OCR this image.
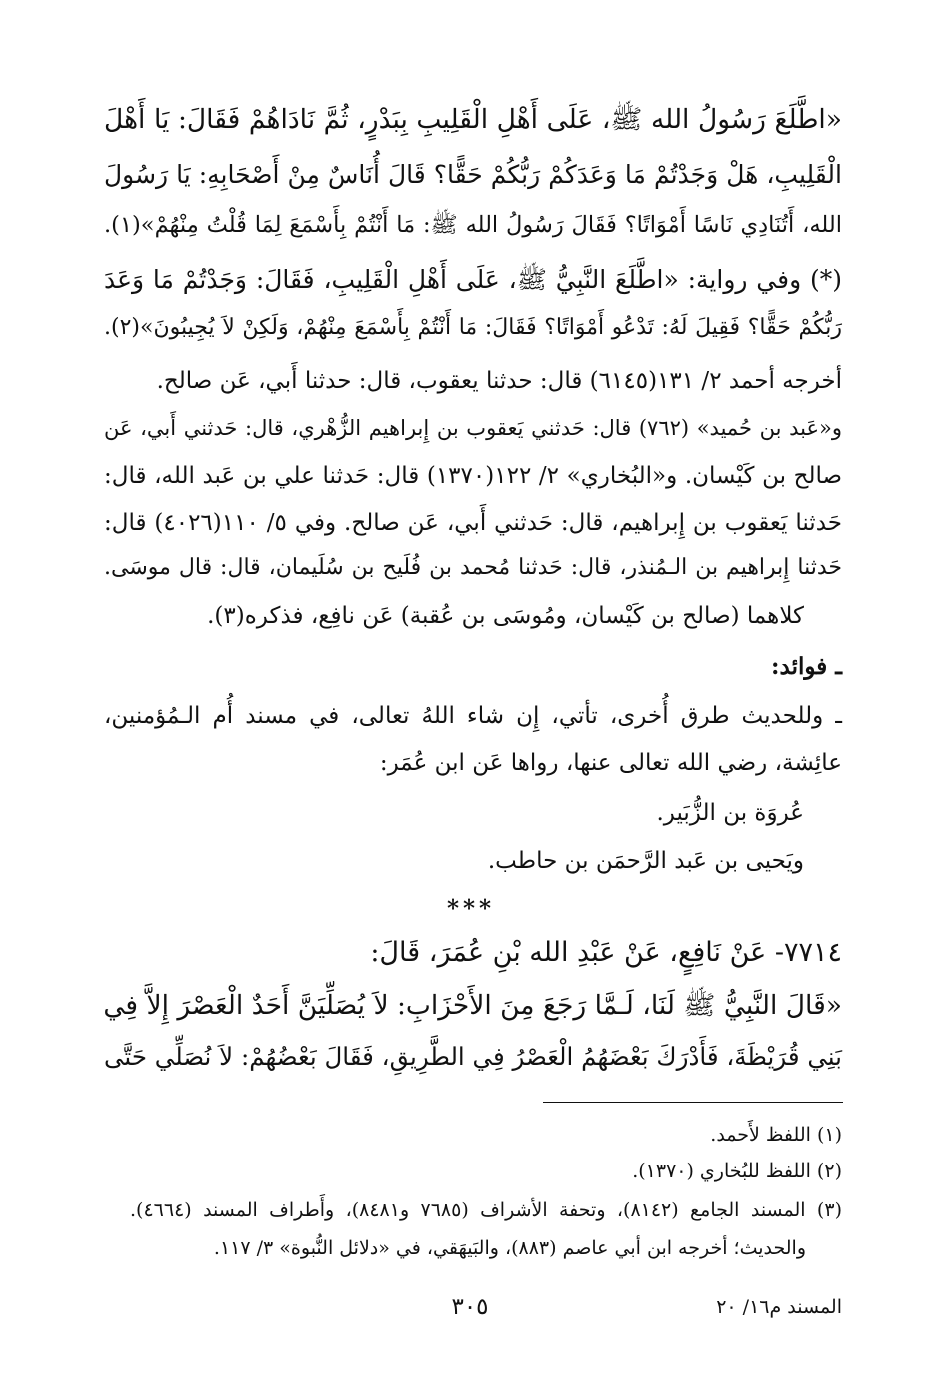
«اطَّلَعَ رَسُولُ الله ﷺ، عَلَى أَهْلِ الْقَلِيبِ بِبَدْرٍ، ثُمَّ نَادَاهُمْ فَقَالَ: يَا أَهْلَ
الْقَلِيبِ، هَلْ وَجَدْتُمْ مَا وَعَدَكُمْ رَبُّكُمْ حَقًّا؟ قَالَ أُنَاسٌ مِنْ أَصْحَابِهِ: يَا رَسُولَ
الله، أَتُنَادِي نَاسًا أَمْوَاتًا؟ فَقَالَ رَسُولُ الله ﷺ: مَا أَنْتُمْ بِأَسْمَعَ لِمَا قُلْتُ مِنْهُمْ»(١).
(*) وفي رواية: «اطَّلَعَ النَّبِيُّ ﷺ، عَلَى أَهْلِ الْقَلِيبِ، فَقَالَ: وَجَدْتُمْ مَا وَعَدَ
رَبُّكُمْ حَقًّا؟ فَقِيلَ لَهُ: تَدْعُو أَمْوَاتًا؟ فَقَالَ: مَا أَنْتُمْ بِأَسْمَعَ مِنْهُمْ، وَلَكِنْ لاَ يُجِيبُونَ»(٢).
أخرجه أحمد ٢/ ١٣١(٦١٤٥) قال: حدثنا يعقوب، قال: حدثنا أَبي، عَن صالح.
و«عَبد بن حُميد» (٧٦٢) قال: حَدثني يَعقوب بن إِبراهيم الزُّهْري، قال: حَدثني أَبي، عَن
صالح بن كَيْسان. و«البُخاري» ٢/ ١٢٢(١٣٧٠) قال: حَدثنا علي بن عَبد الله، قال:
حَدثنا يَعقوب بن إِبراهيم، قال: حَدثني أَبي، عَن صالح. وفي ٥/ ١١٠(٤٠٢٦) قال:
حَدثنا إِبراهيم بن الـمُنذر، قال: حَدثنا مُحمد بن فُلَيح بن سُلَيمان، قال: قال موسَى.
كلاهما (صالح بن كَيْسان، ومُوسَى بن عُقبة) عَن نافِع، فذكره(٣).
ـ فوائد:
ـ وللحديث طرق أُخرى، تأتي، إِن شاء اللهُ تعالى، في مسند أُم الـمُؤمنين،
عائِشة، رضي الله تعالى عنها، رواها عَن ابن عُمَر:
عُروَة بن الزُّبَير.
ويَحيى بن عَبد الرَّحمَن بن حاطب.
***
٧٧١٤- عَنْ نَافِعٍ، عَنْ عَبْدِ الله بْنِ عُمَرَ، قَالَ:
«قَالَ النَّبِيُّ ﷺ لَنَا، لَـمَّا رَجَعَ مِنَ الأَحْزَابِ: لاَ يُصَلِّيَنَّ أَحَدٌ الْعَصْرَ إِلاَّ فِي
بَنِي قُرَيْظَةَ، فَأَدْرَكَ بَعْضَهُمُ الْعَصْرُ فِي الطَّرِيقِ، فَقَالَ بَعْضُهُمْ: لاَ نُصَلِّي حَتَّى
(١) اللفظ لأَحمد.
(٢) اللفظ للبُخاري (١٣٧٠).
(٣) المسند الجامع (٨١٤٢)، وتحفة الأشراف (٧٦٨٥ و٨٤٨١)، وأَطراف المسند (٤٦٦٤).
والحديث؛ أخرجه ابن أبي عاصم (٨٨٣)، والبَيهَقي، في «دلائل النُّبوة» ٣/ ١١٧.
٣٠٥	المسند م١٦/ ٢٠
